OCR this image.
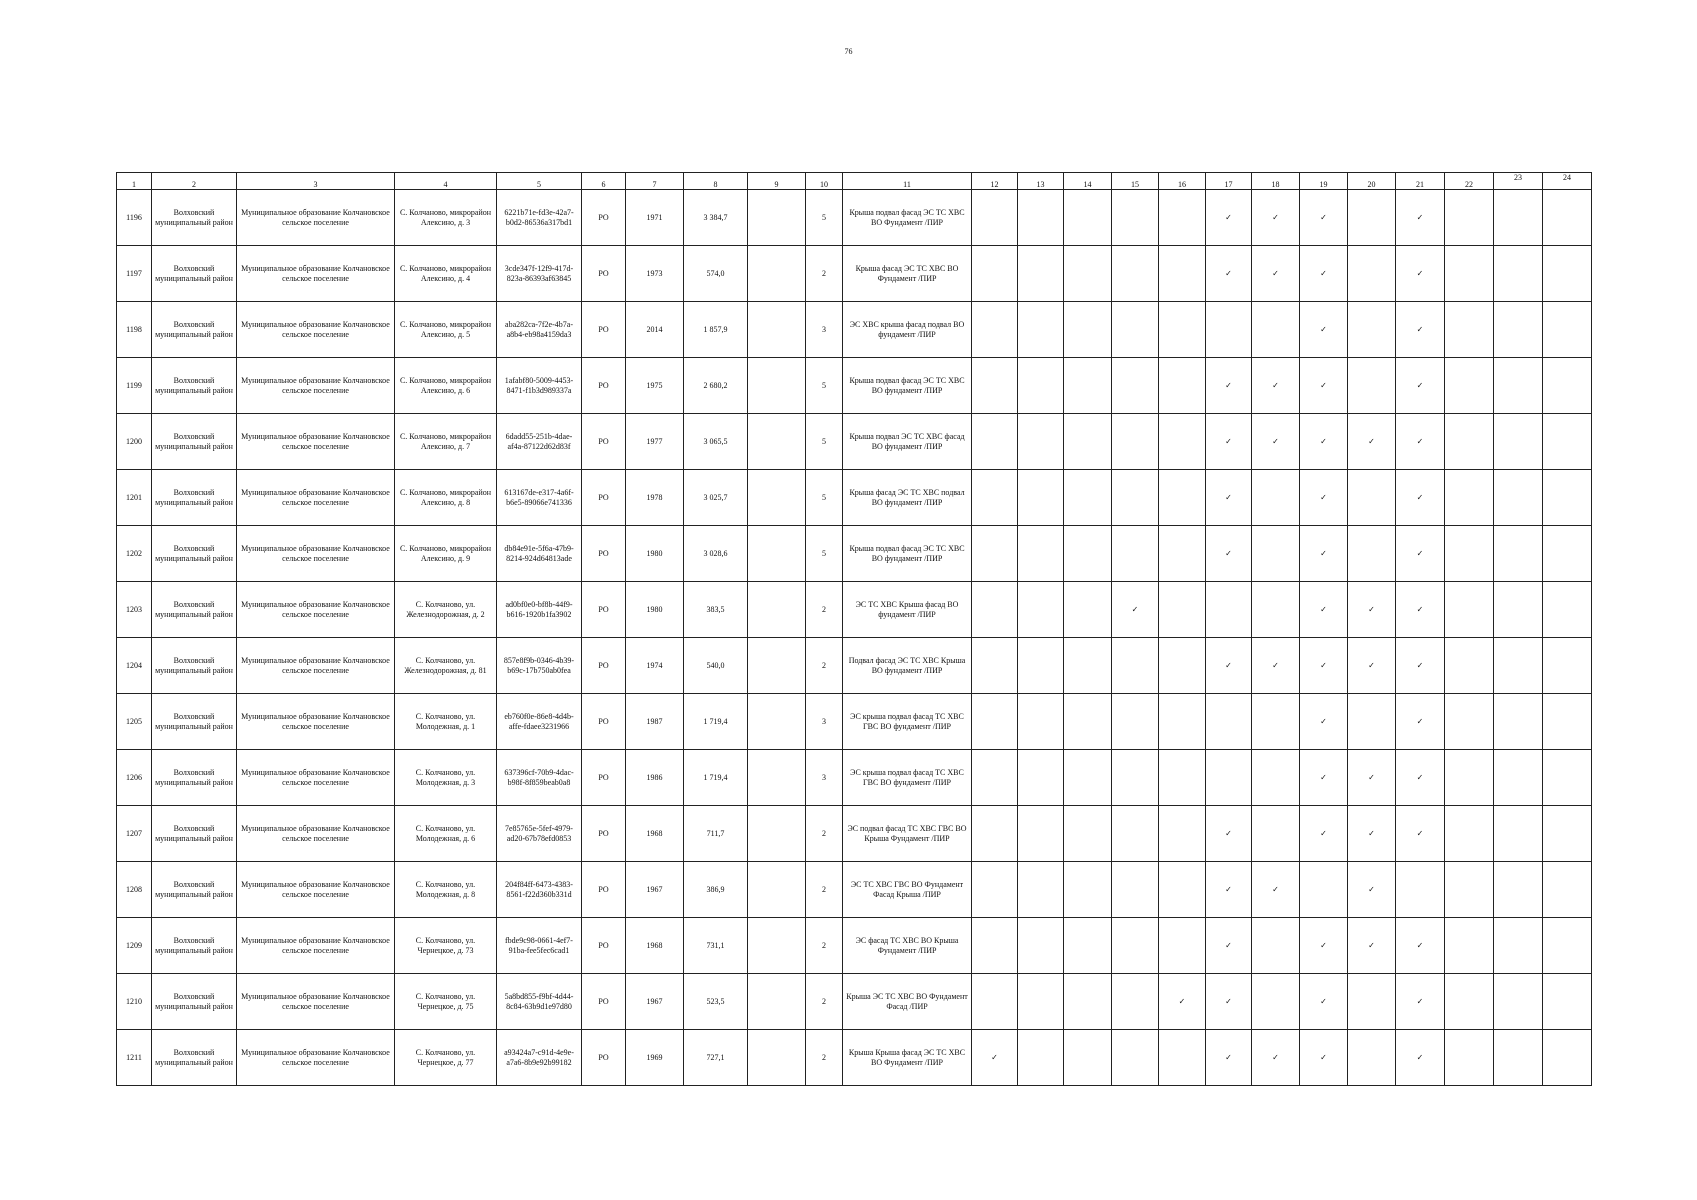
76
1	2	3	4	5	6	7	8	9	10	11	12	13	14	15	16	17	18	19	20	21	22	23	24
1196	Волховский муниципальный район	Муниципальное образование Колчановское сельское поселение	С. Колчаново, микрорайон Алексино, д. 3	6221b71e-fd3e-42a7-b0d2-86536a317bd1	РО	1971	3 384,7		5	Крыша подвал фасад ЭС ТС ХВС ВО Фундамент /ПИР						✓	✓	✓		✓			
1197	Волховский муниципальный район	Муниципальное образование Колчановское сельское поселение	С. Колчаново, микрорайон Алексино, д. 4	3cde347f-12f9-417d-823a-86393af63845	РО	1973	574,0		2	Крыша фасад ЭС ТС ХВС ВО Фундамент /ПИР						✓	✓	✓		✓			
1198	Волховский муниципальный район	Муниципальное образование Колчановское сельское поселение	С. Колчаново, микрорайон Алексино, д. 5	aba282ca-7f2e-4b7a-a8b4-eb98a4159da3	РО	2014	1 857,9		3	ЭС ХВС крыша фасад подвал ВО фундамент /ПИР								✓		✓			
1199	Волховский муниципальный район	Муниципальное образование Колчановское сельское поселение	С. Колчаново, микрорайон Алексино, д. 6	1afabf80-5009-4453-8471-f1b3d989337a	РО	1975	2 680,2		5	Крыша подвал фасад ЭС ТС ХВС ВО фундамент /ПИР						✓	✓	✓		✓			
1200	Волховский муниципальный район	Муниципальное образование Колчановское сельское поселение	С. Колчаново, микрорайон Алексино, д. 7	6dadd55-251b-4dae-af4a-87122d62d83f	РО	1977	3 065,5		5	Крыша подвал ЭС ТС ХВС фасад ВО фундамент /ПИР						✓	✓	✓	✓	✓			
1201	Волховский муниципальный район	Муниципальное образование Колчановское сельское поселение	С. Колчаново, микрорайон Алексино, д. 8	613167de-e317-4a6f-b6e5-89066e741336	РО	1978	3 025,7		5	Крыша фасад ЭС ТС ХВС подвал ВО фундамент /ПИР						✓		✓		✓			
1202	Волховский муниципальный район	Муниципальное образование Колчановское сельское поселение	С. Колчаново, микрорайон Алексино, д. 9	db84e91e-5f6a-47b9-8214-924d64813ade	РО	1980	3 028,6		5	Крыша подвал фасад ЭС ТС ХВС ВО фундамент /ПИР						✓		✓		✓			
1203	Волховский муниципальный район	Муниципальное образование Колчановское сельское поселение	С. Колчаново, ул. Железнодорожная, д. 2	ad0bf0e0-bf8b-44f9-b616-1920b1fa3902	РО	1980	383,5		2	ЭС ТС ХВС Крыша фасад ВО фундамент /ПИР				✓				✓	✓	✓			
1204	Волховский муниципальный район	Муниципальное образование Колчановское сельское поселение	С. Колчаново, ул. Железнодорожная, д. 81	857e8f9b-0346-4b39-b69c-17b750ab0fea	РО	1974	540,0		2	Подвал фасад ЭС ТС ХВС Крыша ВО фундамент /ПИР						✓	✓	✓	✓	✓			
1205	Волховский муниципальный район	Муниципальное образование Колчановское сельское поселение	С. Колчаново, ул. Молодежная, д. 1	eb760f0e-86e8-4d4b-affe-fdaee3231966	РО	1987	1 719,4		3	ЭС крыша подвал фасад ТС ХВС ГВС ВО фундамент /ПИР								✓		✓			
1206	Волховский муниципальный район	Муниципальное образование Колчановское сельское поселение	С. Колчаново, ул. Молодежная, д. 3	637396cf-70b9-4dac-b98f-8f859beab0a8	РО	1986	1 719,4		3	ЭС крыша подвал фасад ТС ХВС ГВС ВО фундамент /ПИР								✓	✓	✓			
1207	Волховский муниципальный район	Муниципальное образование Колчановское сельское поселение	С. Колчаново, ул. Молодежная, д. 6	7e85765e-5fef-4979-ad20-67b78efd0853	РО	1968	711,7		2	ЭС подвал фасад ТС ХВС ГВС ВО Крыша Фундамент /ПИР						✓		✓	✓	✓			
1208	Волховский муниципальный район	Муниципальное образование Колчановское сельское поселение	С. Колчаново, ул. Молодежная, д. 8	204f84ff-6473-4383-8561-f22d360b331d	РО	1967	386,9		2	ЭС ТС ХВС ГВС ВО Фундамент Фасад Крыша /ПИР						✓	✓		✓				
1209	Волховский муниципальный район	Муниципальное образование Колчановское сельское поселение	С. Колчаново, ул. Чернецкое, д. 73	fbde9c98-0661-4ef7-91ba-fee5fec6cad1	РО	1968	731,1		2	ЭС фасад ТС ХВС ВО Крыша Фундамент /ПИР						✓		✓	✓	✓			
1210	Волховский муниципальный район	Муниципальное образование Колчановское сельское поселение	С. Колчаново, ул. Чернецкое, д. 75	5a8bd855-f9bf-4d44-8c84-63b9d1e97d80	РО	1967	523,5		2	Крыша ЭС ТС ХВС ВО Фундамент Фасад /ПИР					✓	✓		✓		✓			
1211	Волховский муниципальный район	Муниципальное образование Колчановское сельское поселение	С. Колчаново, ул. Чернецкое, д. 77	a93424a7-c91d-4e9e-a7a6-8b9e92b99182	РО	1969	727,1		2	Крыша Крыша фасад ЭС ТС ХВС ВО Фундамент /ПИР	✓					✓	✓	✓		✓			
